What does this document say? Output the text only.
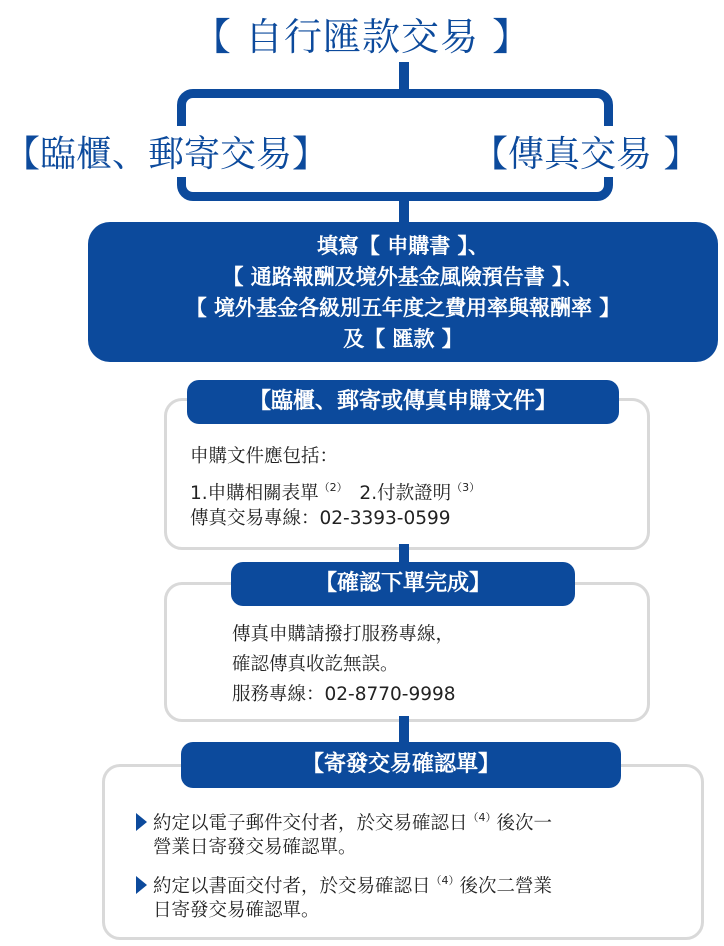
【 自行匯款交易 】
【臨櫃、郵寄交易】	【傳真交易 】
填寫【 申購書 】、
【 通路報酬及境外基金風險預告書 】、
【 境外基金各級別五年度之費用率與報酬率 】
及【 匯款 】
【臨櫃、郵寄或傳真申購文件】
申購文件應包括：
1.申購相關表單$^{(2)}$ 2.付款證明$^{(3)}$
傳真交易專線：02-3393-0599
【確認下單完成】
傳真申購請撥打服務專線，
確認傳真收訖無誤。
服務專線：02-8770-9998
【寄發交易確認單】
約定以電子郵件交付者，於交易確認日$^{(4)}$後次一
營業日寄發交易確認單。
約定以書面交付者，於交易確認日$^{(4)}$後次二營業
日寄發交易確認單。
